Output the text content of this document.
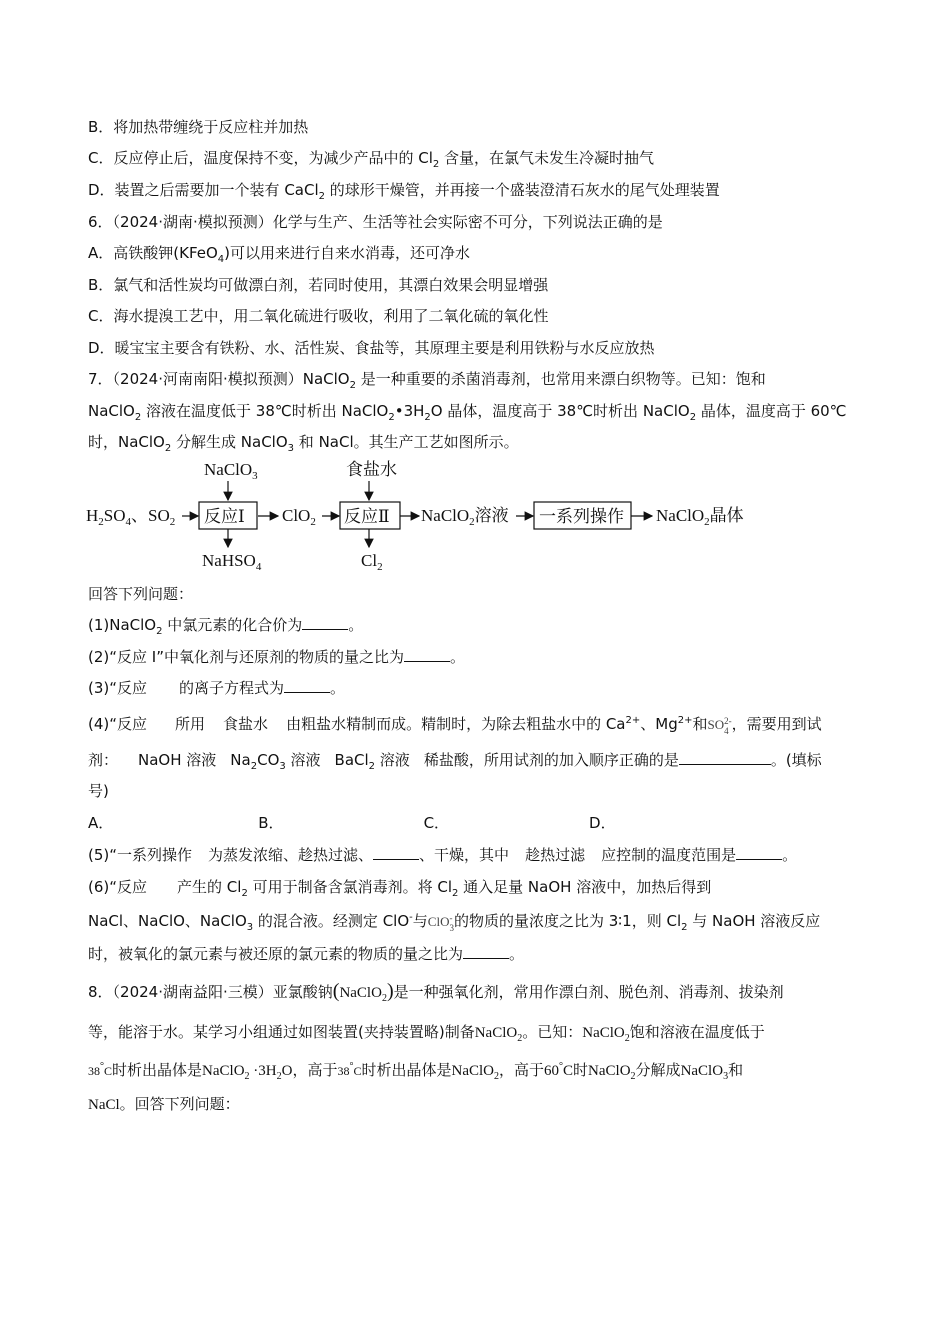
B．将加热带缠绕于反应柱并加热
C．反应停止后，温度保持不变，为减少产品中的 $Cl_2$ 含量，在氯气未发生冷凝时抽气
D．装置之后需要加一个装有 CaCl$_2$ 的球形干燥管，并再接一个盛装澄清石灰水的尾气处理装置
6．（2024·湖南·模拟预测）化学与生产、生活等社会实际密不可分，下列说法正确的是
A．高铁酸钾(KFeO$_4$)可以用来进行自来水消毒，还可净水
B．氯气和活性炭均可做漂白剂，若同时使用，其漂白效果会明显增强
C．海水提溴工艺中，用二氧化硫进行吸收，利用了二氧化硫的氧化性
D．暖宝宝主要含有铁粉、水、活性炭、食盐等，其原理主要是利用铁粉与水反应放热
7．（2024·河南南阳·模拟预测）NaClO$_2$ 是一种重要的杀菌消毒剂，也常用来漂白织物等。已知：饱和
NaClO$_2$ 溶液在温度低于 38℃时析出 $NaClO_2•3H_2O$ 晶体，温度高于 38℃时析出 NaClO$_2$ 晶体，温度高于 60℃
时，NaClO$_2$ 分解生成 NaClO$_3$ 和 NaCl。其生产工艺如图所示。
$H_2SO_4$、$SO_2$ 反应Ⅰ
NaClO$_3$
NaHSO$_4$
ClO$_2$ 反应Ⅱ
食盐水
$Cl_2$
NaClO$_2$溶液 一系列操作 NaClO$_2$晶体
回答下列问题：
(1)NaClO$_2$ 中氯元素的化合价为	。
(2)“反应 I”中氧化剂与还原剂的物质的量之比为	。
(3)“反应 的离子方程式为	。
(4)“反应 所用 食盐水 由粗盐水精制而成。精制时，为除去粗盐水中的 $Ca^{2+}$、$Mg^{2+}$和SO 2-
4 ，需要用到试
剂： NaOH 溶液 $Na_2CO_3$ 溶液 BaCl$_2$ 溶液 稀盐酸，所用试剂的加入顺序正确的是	。(填标
号)
A．	B．	C．	D．
(5)“一系列操作 为蒸发浓缩、趁热过滤、	、干燥，其中 趁热过滤 应控制的温度范围是	。
(6)“反应 产生的 $Cl_2$ 可用于制备含氯消毒剂。将 $Cl_2$ 通入足量 NaOH 溶液中，加热后得到
NaCl、NaClO、NaClO$_3$ 的混合液。经测定 ClO-与ClO -
3 的物质的量浓度之比为 3∶1，则 $Cl_2$ 与 NaOH 溶液反应
时，被氧化的氯元素与被还原的氯元素的物质的量之比为	。
8．（2024·湖南益阳·三模）亚氯酸钠(NaClO$_2$)是一种强氧化剂，常用作漂白剂、脱色剂、消毒剂、拔染剂
等，能溶于水。某学习小组通过如图装置(夹持装置略)制备NaClO$_2$。已知：NaClO$_2$饱和溶液在温度低于
38°C时析出晶体是NaClO$_2$ $\cdot 3H_2O$，高于38°C时析出晶体是NaClO$_2$，高于60°C时NaClO$_2$分解成NaClO$_3$和
NaCl。回答下列问题：
